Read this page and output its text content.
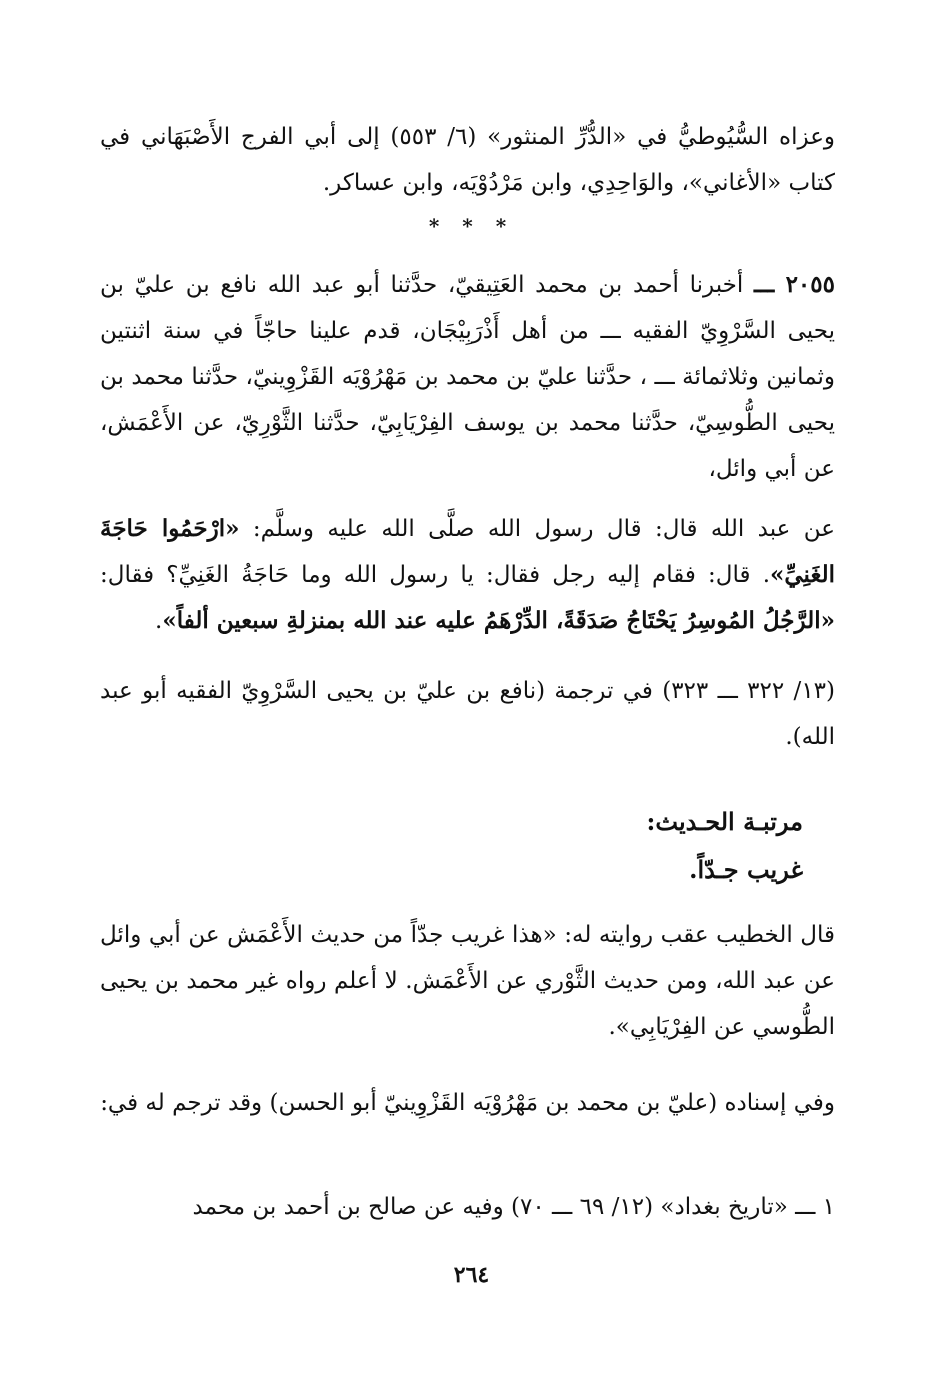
وعزاه السُّيُوطيُّ في «الدُّرِّ المنثور» (٦/ ٥٥٣) إلى أبي الفرج الأَصْبَهَاني في كتاب «الأغاني»، والوَاحِدِي، وابن مَرْدُوْيَه، وابن عساكر.

* * *

٢٠٥٥ ـــ أخبرنا أحمد بن محمد العَتِيقيّ، حدَّثنا أبو عبد الله نافع بن عليّ بن يحيى السَّرْوِيّ الفقيه ـــ من أهل أَذْرَبِيْجَان، قدم علينا حاجّاً في سنة اثنتين وثمانين وثلاثمائة ـــ ، حدَّثنا عليّ بن محمد بن مَهْرُوْيَه القَزْوِينيّ، حدَّثنا محمد بن يحيى الطُّوسِيّ، حدَّثنا محمد بن يوسف الفِرْيَابِيّ، حدَّثنا الثَّوْرِيّ، عن الأَعْمَش، عن أبي وائل،

عن عبد الله قال: قال رسول الله صلَّى الله عليه وسلَّم: «ارْحَمُوا حَاجَةَ الغَنِيِّ». قال: فقام إليه رجل فقال: يا رسول الله وما حَاجَةُ الغَنِيِّ؟ فقال: «الرَّجُلُ المُوسِرُ يَحْتَاجُ صَدَقَةً، الدِّرْهَمُ عليه عند الله بمنزلةِ سبعين ألفاً».

(١٣/ ٣٢٢ ـــ ٣٢٣) في ترجمة (نافع بن عليّ بن يحيى السَّرْوِيّ الفقيه أبو عبد الله).

مرتبـة الحـديث:
غريب جـدّاً.

قال الخطيب عقب روايته له: «هذا غريب جدّاً من حديث الأَعْمَش عن أبي وائل عن عبد الله، ومن حديث الثَّوْري عن الأَعْمَش. لا أعلم رواه غير محمد بن يحيى الطُّوسي عن الفِرْيَابِي».

وفي إسناده (عليّ بن محمد بن مَهْرُوْيَه القَزْوِينيّ أبو الحسن) وقد ترجم له في:

١ ـــ «تاريخ بغداد» (١٢/ ٦٩ ـــ ٧٠) وفيه عن صالح بن أحمد بن محمد

٢٦٤
